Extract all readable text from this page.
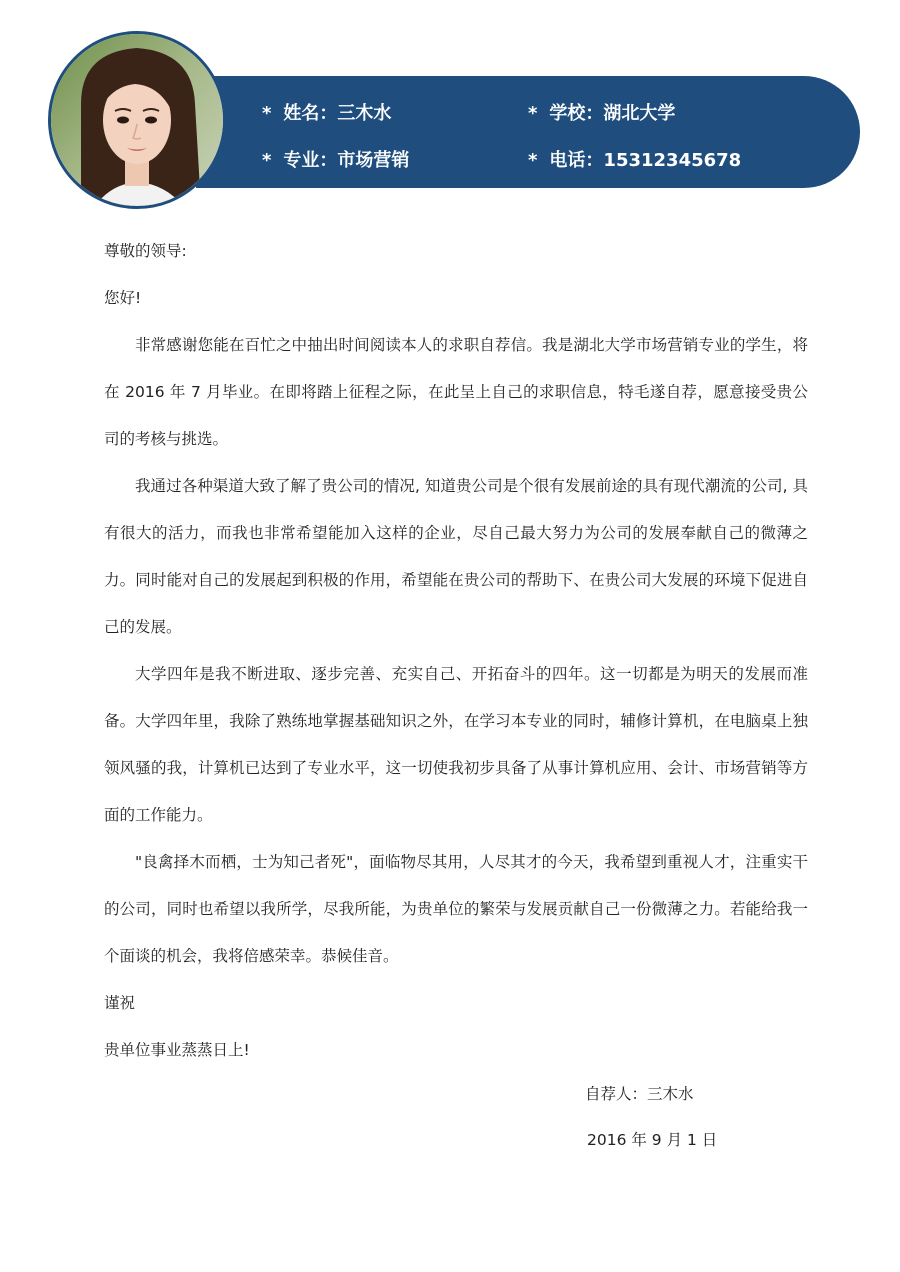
* 姓名：三木水	* 学校：湖北大学
* 专业：市场营销	* 电话：15312345678

尊敬的领导:

您好!

非常感谢您能在百忙之中抽出时间阅读本人的求职自荐信。我是湖北大学市场营销专业的学生，将在 2016 年 7 月毕业。在即将踏上征程之际，在此呈上自己的求职信息，特毛遂自荐，愿意接受贵公司的考核与挑选。

我通过各种渠道大致了解了贵公司的情况, 知道贵公司是个很有发展前途的具有现代潮流的公司, 具有很大的活力，而我也非常希望能加入这样的企业，尽自己最大努力为公司的发展奉献自己的微薄之力。同时能对自己的发展起到积极的作用，希望能在贵公司的帮助下、在贵公司大发展的环境下促进自己的发展。

大学四年是我不断进取、逐步完善、充实自己、开拓奋斗的四年。这一切都是为明天的发展而准备。大学四年里，我除了熟练地掌握基础知识之外，在学习本专业的同时，辅修计算机，在电脑桌上独领风骚的我，计算机已达到了专业水平，这一切使我初步具备了从事计算机应用、会计、市场营销等方面的工作能力。

"良禽择木而栖，士为知己者死"，面临物尽其用，人尽其才的今天，我希望到重视人才，注重实干的公司，同时也希望以我所学，尽我所能，为贵单位的繁荣与发展贡献自己一份微薄之力。若能给我一个面谈的机会，我将倍感荣幸。恭候佳音。

谨祝

贵单位事业蒸蒸日上!

自荐人：三木水
2016 年 9 月 1 日
